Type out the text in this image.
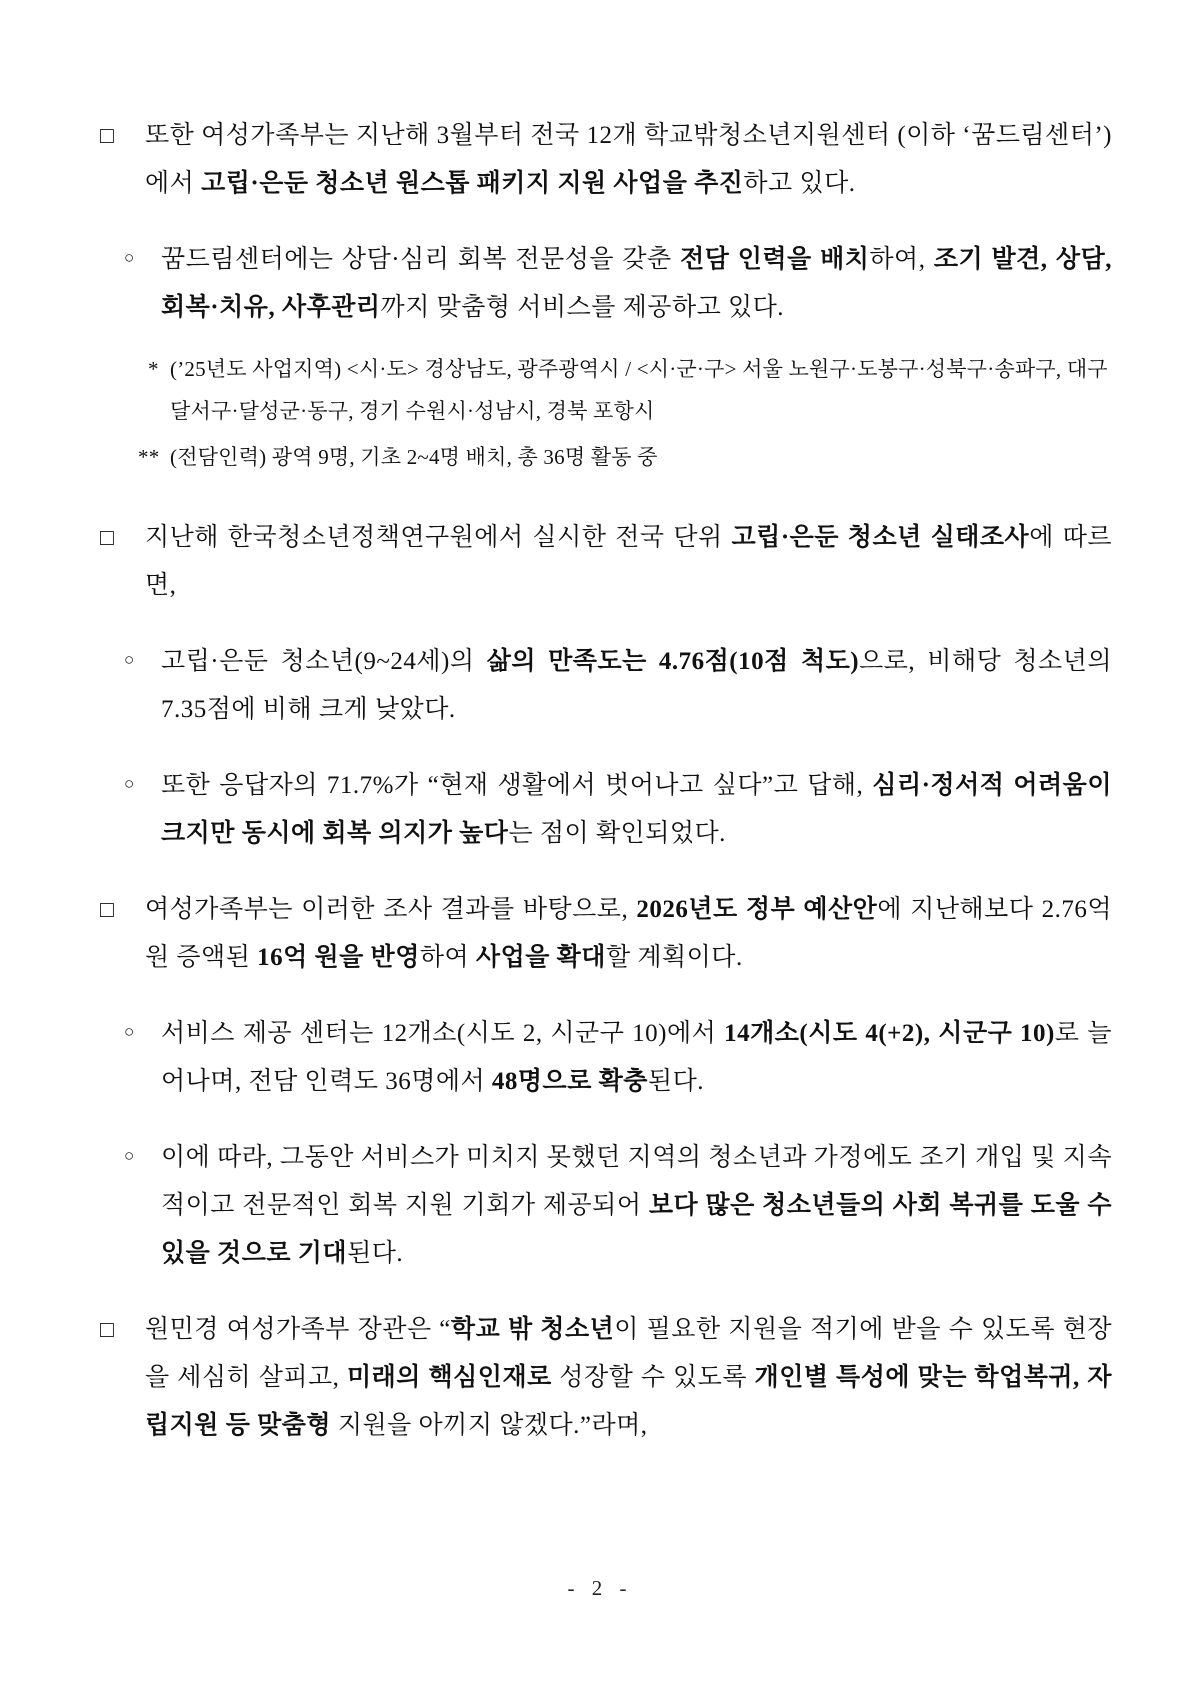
□	또한 여성가족부는 지난해 3월부터 전국 12개 학교밖청소년지원센터 (이하 ‘꿈드림센터’)에서 고립·은둔 청소년 원스톱 패키지 지원 사업을 추진하고 있다.
○	꿈드림센터에는 상담·심리 회복 전문성을 갖춘 전담 인력을 배치하여, 조기 발견, 상담, 회복·치유, 사후관리까지 맞춤형 서비스를 제공하고 있다.
* (’25년도 사업지역) <시·도> 경상남도, 광주광역시 / <시·군·구> 서울 노원구·도봉구·성북구·송파구, 대구 달서구·달성군·동구, 경기 수원시·성남시, 경북 포항시
** (전담인력) 광역 9명, 기초 2~4명 배치, 총 36명 활동 중
□	지난해 한국청소년정책연구원에서 실시한 전국 단위 고립·은둔 청소년 실태조사에 따르면,
○	고립·은둔 청소년(9~24세)의 삶의 만족도는 4.76점(10점 척도)으로, 비해당 청소년의 7.35점에 비해 크게 낮았다.
○	또한 응답자의 71.7%가 “현재 생활에서 벗어나고 싶다”고 답해, 심리·정서적 어려움이 크지만 동시에 회복 의지가 높다는 점이 확인되었다.
□	여성가족부는 이러한 조사 결과를 바탕으로, 2026년도 정부 예산안에 지난해보다 2.76억 원 증액된 16억 원을 반영하여 사업을 확대할 계획이다.
○	서비스 제공 센터는 12개소(시도 2, 시군구 10)에서 14개소(시도 4(+2), 시군구 10)로 늘어나며, 전담 인력도 36명에서 48명으로 확충된다.
○	이에 따라, 그동안 서비스가 미치지 못했던 지역의 청소년과 가정에도 조기 개입 및 지속적이고 전문적인 회복 지원 기회가 제공되어 보다 많은 청소년들의 사회 복귀를 도울 수 있을 것으로 기대된다.
□	원민경 여성가족부 장관은 “학교 밖 청소년이 필요한 지원을 적기에 받을 수 있도록 현장을 세심히 살피고, 미래의 핵심인재로 성장할 수 있도록 개인별 특성에 맞는 학업복귀, 자립지원 등 맞춤형 지원을 아끼지 않겠다.”라며,
- 2 -
